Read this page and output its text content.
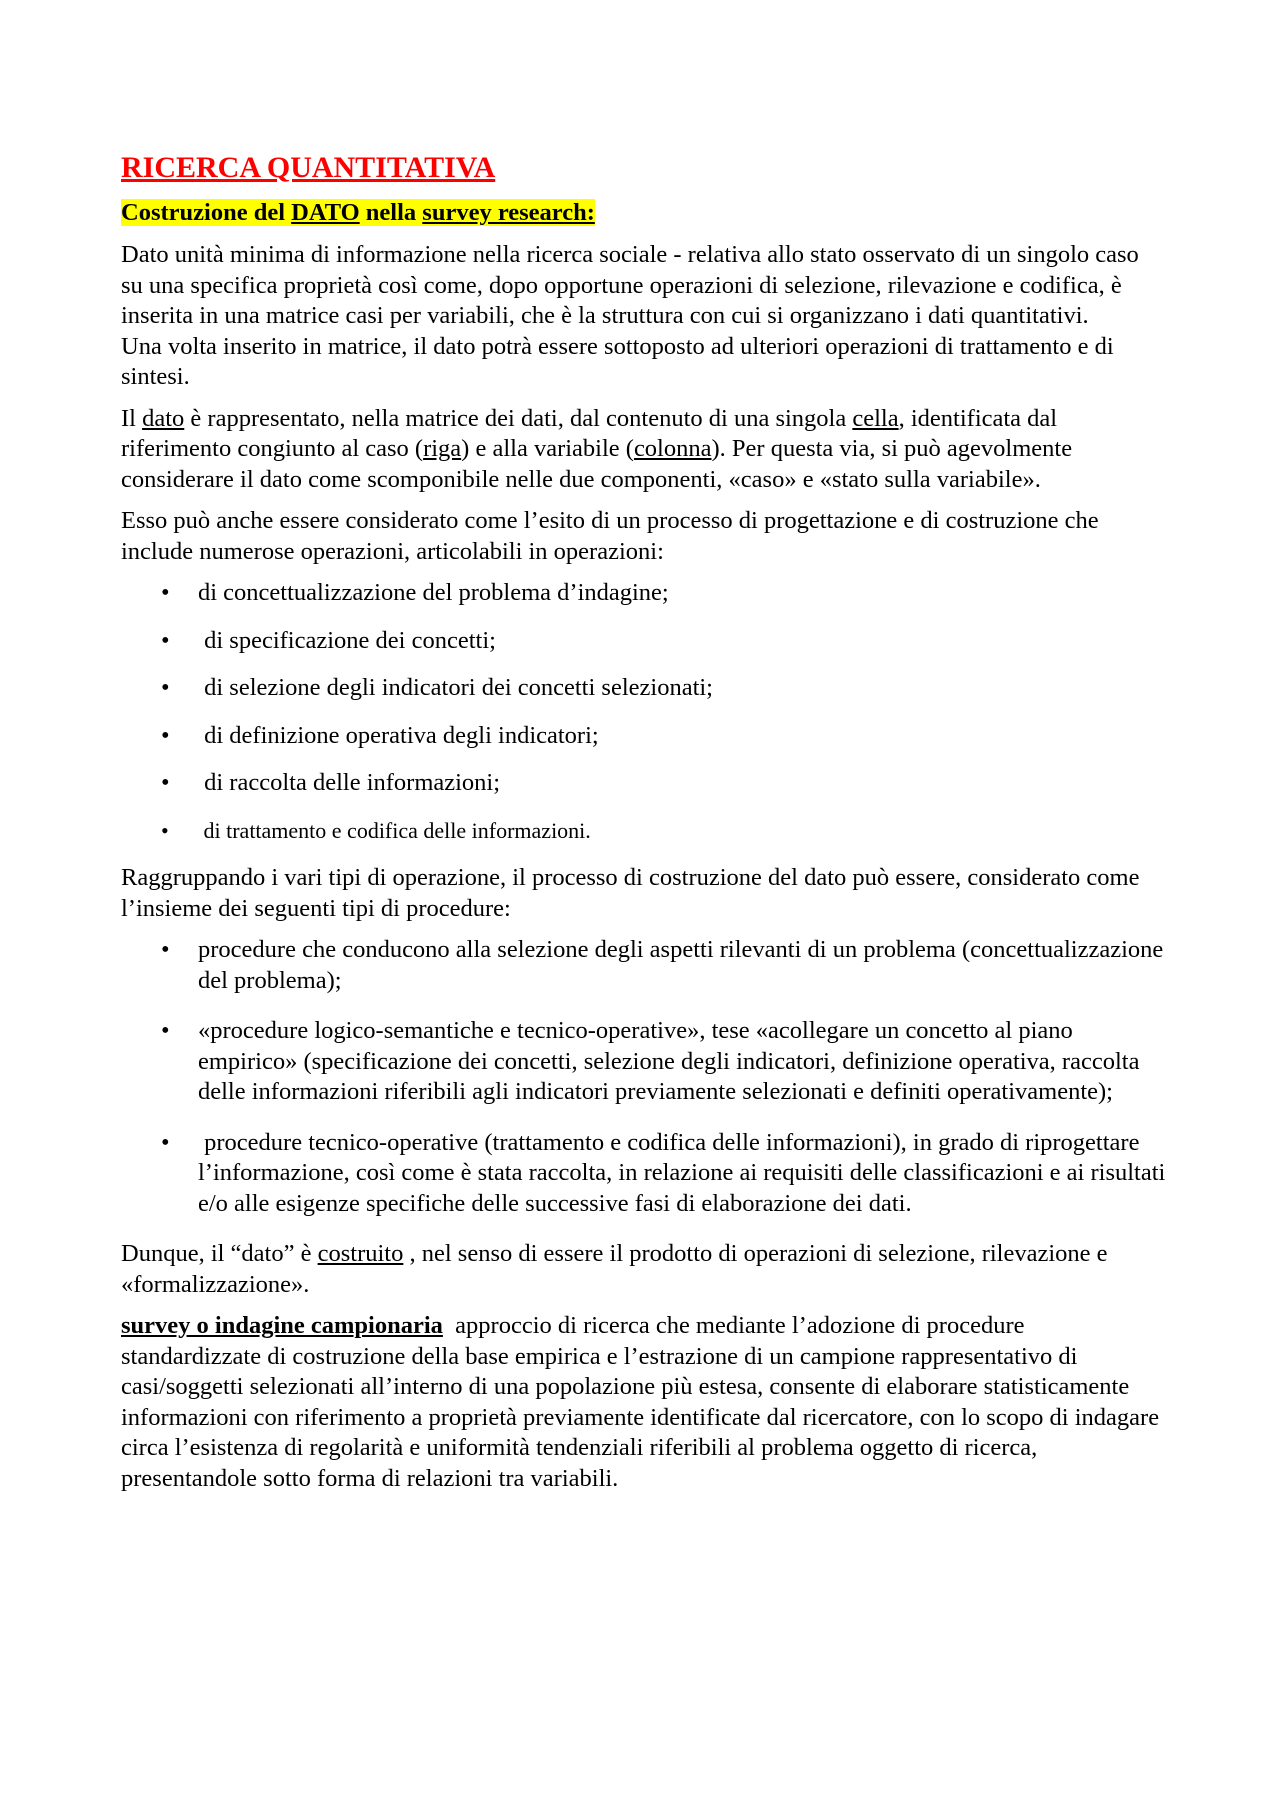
RICERCA QUANTITATIVA
Costruzione del DATO nella survey research:

Dato unità minima di informazione nella ricerca sociale - relativa allo stato osservato di un singolo caso su una specifica proprietà così come, dopo opportune operazioni di selezione, rilevazione e codifica, è inserita in una matrice casi per variabili, che è la struttura con cui si organizzano i dati quantitativi.Una volta inserito in matrice, il dato potrà essere sottoposto ad ulteriori operazioni di trattamento e di sintesi.

Il dato è rappresentato, nella matrice dei dati, dal contenuto di una singola cella, identificata dal riferimento congiunto al caso (riga) e alla variabile (colonna). Per questa via, si può agevolmente considerare il dato come scomponibile nelle due componenti, «caso» e «stato sulla variabile».

Esso può anche essere considerato come l’esito di un processo di progettazione e di costruzione che include numerose operazioni, articolabili in operazioni:

• di concettualizzazione del problema d’indagine;
• di specificazione dei concetti;
• di selezione degli indicatori dei concetti selezionati;
• di definizione operativa degli indicatori;
• di raccolta delle informazioni;
• di trattamento e codifica delle informazioni.

Raggruppando i vari tipi di operazione, il processo di costruzione del dato può essere, considerato come l’insieme dei seguenti tipi di procedure:

• procedure che conducono alla selezione degli aspetti rilevanti di un problema (concettualizzazione del problema);
• «procedure logico-semantiche e tecnico-operative», tese «acollegare un concetto al piano empirico» (specificazione dei concetti, selezione degli indicatori, definizione operativa, raccolta delle informazioni riferibili agli indicatori previamente selezionati e definiti operativamente);
• procedure tecnico-operative (trattamento e codifica delle informazioni), in grado di riprogettare l’informazione, così come è stata raccolta, in relazione ai requisiti delle classificazioni e ai risultati e/o alle esigenze specifiche delle successive fasi di elaborazione dei dati.

Dunque, il “dato” è costruito , nel senso di essere il prodotto di operazioni di selezione, rilevazione e «formalizzazione».

survey o indagine campionaria approccio di ricerca che mediante l’adozione di procedure standardizzate di costruzione della base empirica e l’estrazione di un campione rappresentativo di casi/soggetti selezionati all’interno di una popolazione più estesa, consente di elaborare statisticamente informazioni con riferimento a proprietà previamente identificate dal ricercatore, con lo scopo di indagare circa l’esistenza di regolarità e uniformità tendenziali riferibili al problema oggetto di ricerca, presentandole sotto forma di relazioni tra variabili.
